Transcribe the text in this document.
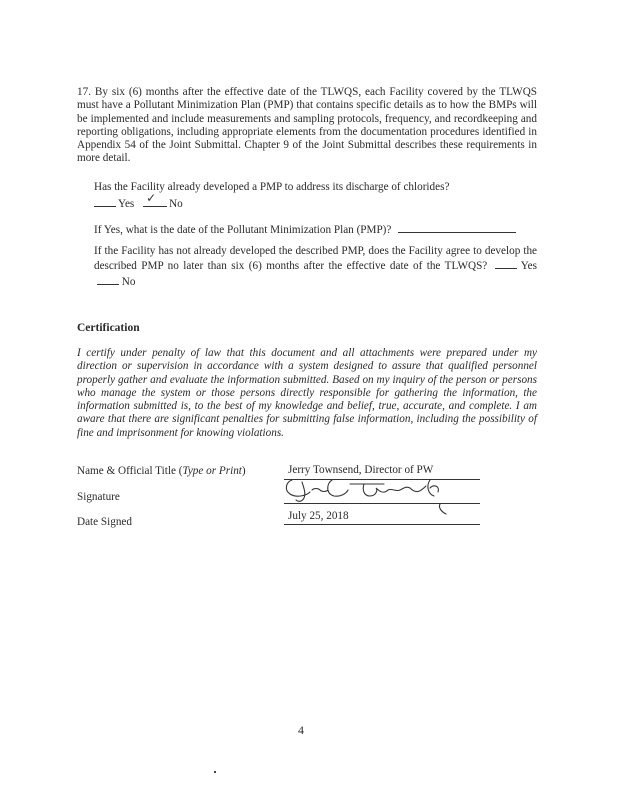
17. By six (6) months after the effective date of the TLWQS, each Facility covered by the TLWQS must have a Pollutant Minimization Plan (PMP) that contains specific details as to how the BMPs will be implemented and include measurements and sampling protocols, frequency, and recordkeeping and reporting obligations, including appropriate elements from the documentation procedures identified in Appendix 54 of the Joint Submittal. Chapter 9 of the Joint Submittal describes these requirements in more detail.
Has the Facility already developed a PMP to address its discharge of chlorides?
Yes ✓ No
If Yes, what is the date of the Pollutant Minimization Plan (PMP)?
If the Facility has not already developed the described PMP, does the Facility agree to develop the described PMP no later than six (6) months after the effective date of the TLWQS?	Yes  No
Certification
I certify under penalty of law that this document and all attachments were prepared under my direction or supervision in accordance with a system designed to assure that qualified personnel properly gather and evaluate the information submitted. Based on my inquiry of the person or persons who manage the system or those persons directly responsible for gathering the information, the information submitted is, to the best of my knowledge and belief, true, accurate, and complete. I am aware that there are significant penalties for submitting false information, including the possibility of fine and imprisonment for knowing violations.
Name & Official Title (Type or Print)	Jerry Townsend, Director of PW
Signature
Date Signed	July 25, 2018
4
